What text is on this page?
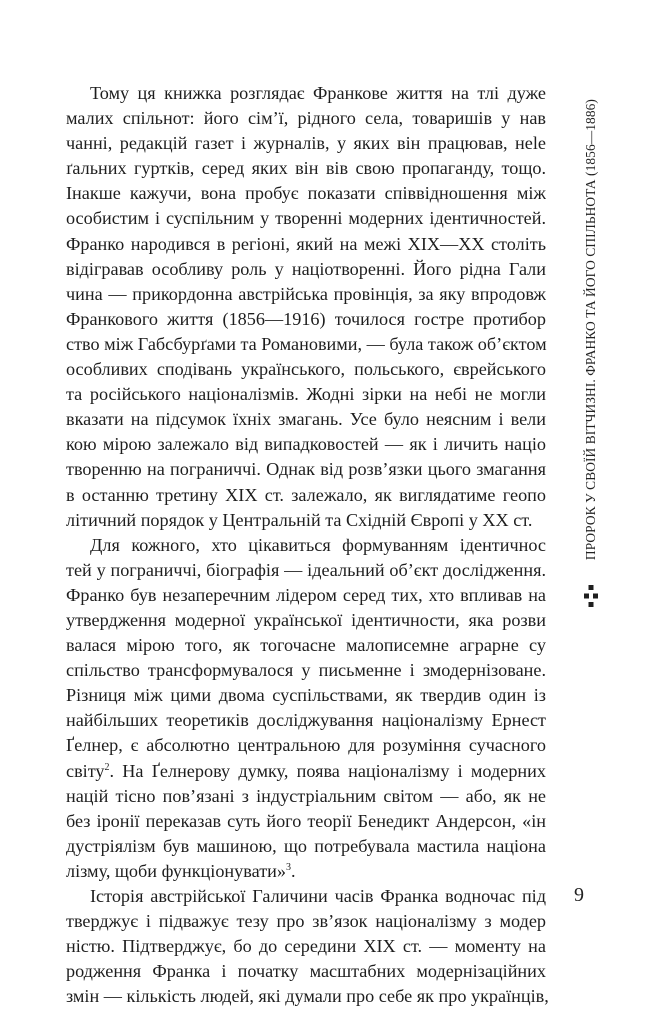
ПРОРОК У СВОЇЙ ВІТЧИЗНІ. ФРАНКО ТА ЙОГО СПІЛЬНОТА (1856—1886)
Тому ця книжка розглядає Франкове життя на тлі дуже
малих спільнот: його сім’ї, рідного села, товаришів у нав
чанні, редакцій газет і журналів, у яких він працював, нele
ґальних гуртків, серед яких він вів свою пропаганду, тощо.
Інакше кажучи, вона пробує показати співвідношення між
особистим і суспільним у творенні модерних ідентичностей.
Франко народився в регіоні, який на межі XIX—XX століть
відігравав особливу роль у націотворенні. Його рідна Гали
чина — прикордонна австрійська провінція, за яку впродовж
Франкового життя (1856—1916) точилося гостре протибор
ство між Габсбурґами та Романовими, — була також об’єктом
особливих сподівань українського, польського, єврейського
та російського націоналізмів. Жодні зірки на небі не могли
вказати на підсумок їхніх змагань. Усе було неясним і вели
кою мірою залежало від випадковостей — як і личить націо
творенню на пограниччі. Однак від розв’язки цього змагання
в останню третину XIX ст. залежало, як виглядатиме геопо
літичний порядок у Центральній та Східній Європі у XX ст.
Для кожного, хто цікавиться формуванням ідентичнос
тей у пограниччі, біографія — ідеальний об’єкт дослідження.
Франко був незаперечним лідером серед тих, хто впливав на
утвердження модерної української ідентичности, яка розви
валася мірою того, як тогочасне малописемне аграрне су
спільство трансформувалося у письменне і змодернізоване.
Різниця між цими двома суспільствами, як твердив один із
найбільших теоретиків досліджування націоналізму Ернест
Ґелнер, є абсолютно центральною для розуміння сучасного
світу$^2$. На Ґелнерову думку, поява націоналізму і модерних
націй тісно пов’язані з індустріальним світом — або, як не
без іронії переказав суть його теорії Бенедикт Андерсон, «ін
дустріялізм був машиною, що потребувала мастила націона
лізму, щоби функціонувати»$^3$.
Історія австрійської Галичини часів Франка водночас під
тверджує і підважує тезу про зв’язок націоналізму з модер
ністю. Підтверджує, бо до середини XIX ст. — моменту на
родження Франка і початку масштабних модернізаційних
змін — кількість людей, які думали про себе як про українців,
9
